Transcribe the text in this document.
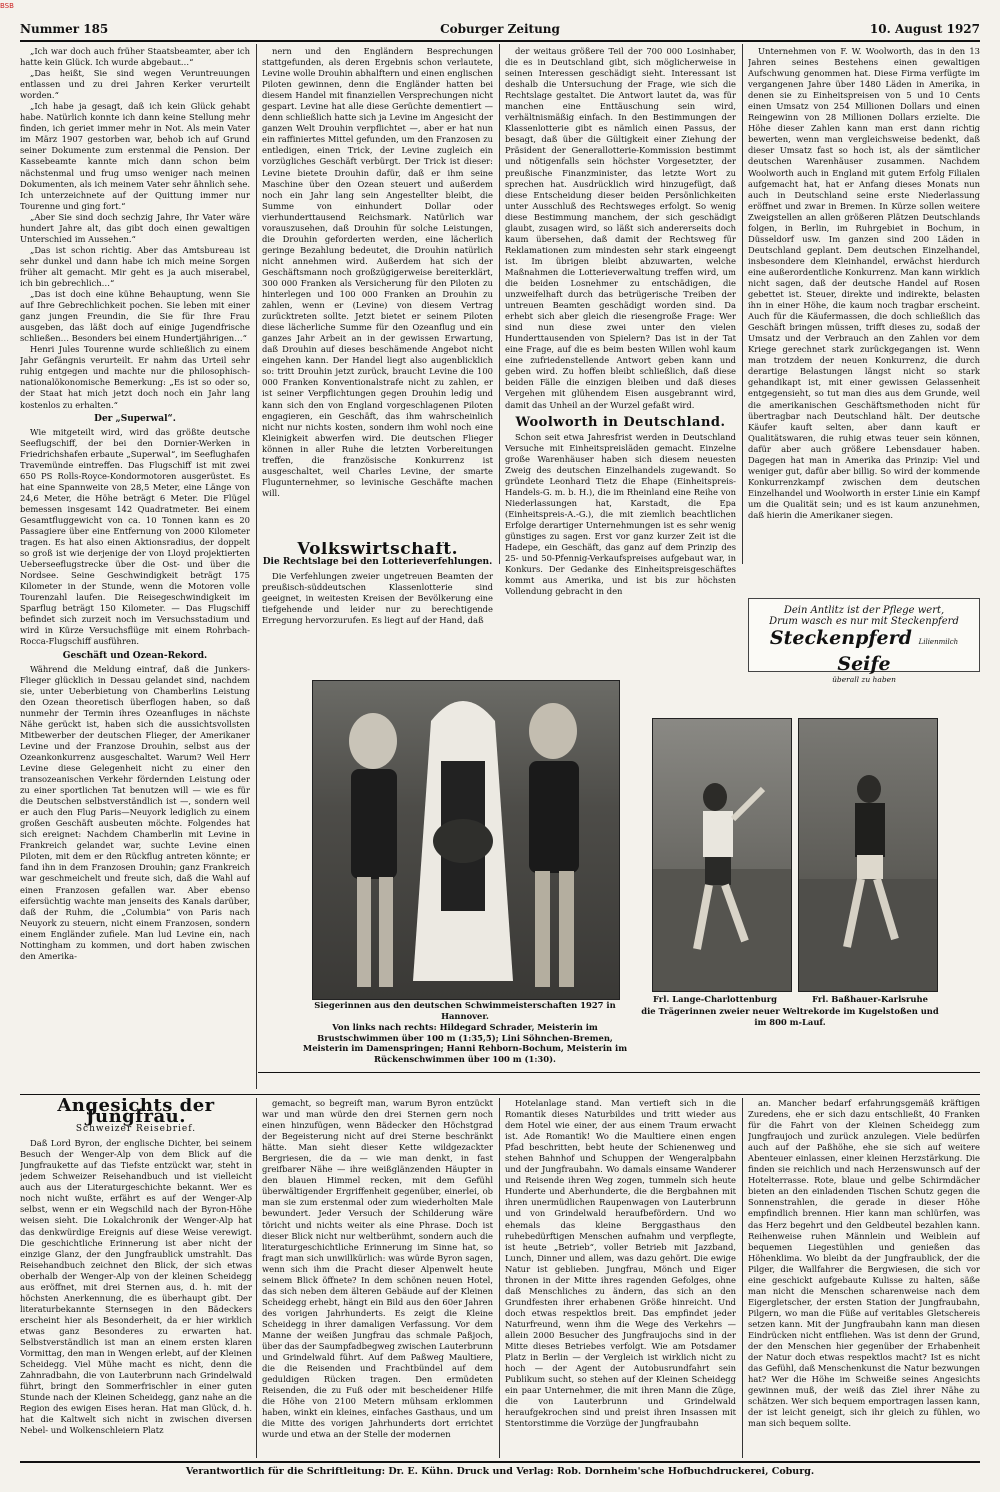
BSB
Nummer 185	Coburger Zeitung	10. August 1927

„Ich war doch auch früher Staatsbeamter, aber ich hatte kein Glück. Ich wurde abgebaut…“

„Das heißt, Sie sind wegen Veruntreuungen entlassen und zu drei Jahren Kerker verurteilt worden.“

„Ich habe ja gesagt, daß ich kein Glück gehabt habe. Natürlich konnte ich dann keine Stellung mehr finden, ich geriet immer mehr in Not. Als mein Vater im März 1907 gestorben war, behob ich auf Grund seiner Dokumente zum erstenmal die Pension. Der Kassebeamte kannte mich dann schon beim nächstenmal und frug umso weniger nach meinen Dokumenten, als ich meinem Vater sehr ähnlich sehe. Ich unterzeichnete auf der Quittung immer nur Tourenne und ging fort.“

„Aber Sie sind doch sechzig Jahre, Ihr Vater wäre hundert Jahre alt, das gibt doch einen gewaltigen Unterschied im Aussehen.“

„Das ist schon richtig. Aber das Amtsbureau ist sehr dunkel und dann habe ich mich meine Sorgen früher alt gemacht. Mir geht es ja auch miserabel, ich bin gebrechlich…“

„Das ist doch eine kühne Behauptung, wenn Sie auf Ihre Gebrechlichkeit pochen. Sie leben mit einer ganz jungen Freundin, die Sie für Ihre Frau ausgeben, das läßt doch auf einige Jugendfrische schließen… Besonders bei einem Hundertjährigen…“

Henri Jules Tourenne wurde schließlich zu einem Jahr Gefängnis verurteilt. Er nahm das Urteil sehr ruhig entgegen und machte nur die philosophisch-nationalökonomische Bemerkung: „Es ist so oder so, der Staat hat mich jetzt doch noch ein Jahr lang kostenlos zu erhalten.“

Der „Superwal“.

Wie mitgeteilt wird, wird das größte deutsche Seeflugschiff, der bei den Dornier-Werken in Friedrichshafen erbaute „Superwal“, im Seeflughafen Travemünde eintreffen. Das Flugschiff ist mit zwei 650 PS Rolls-Royce-Kondormotoren ausgerüstet. Es hat eine Spannweite von 28,5 Meter, eine Länge von 24,6 Meter, die Höhe beträgt 6 Meter. Die Flügel bemessen insgesamt 142 Quadratmeter. Bei einem Gesamtfluggewicht von ca. 10 Tonnen kann es 20 Passagiere über eine Entfernung von 2000 Kilometer tragen. Es hat also einen Aktionsradius, der doppelt so groß ist wie derjenige der von Lloyd projektierten Ueberseeflugstrecke über die Ost- und über die Nordsee. Seine Geschwindigkeit beträgt 175 Kilometer in der Stunde, wenn die Motoren volle Tourenzahl laufen. Die Reisegeschwindigkeit im Sparflug beträgt 150 Kilometer. — Das Flugschiff befindet sich zurzeit noch im Versuchsstadium und wird in Kürze Versuchsflüge mit einem Rohrbach-Rocca-Flugschiff ausführen.

Geschäft und Ozean-Rekord.

Während die Meldung eintraf, daß die Junkers-Flieger glücklich in Dessau gelandet sind, nachdem sie, unter Ueberbietung von Chamberlins Leistung den Ozean theoretisch überflogen haben, so daß nunmehr der Termin ihres Ozeanfluges in nächste Nähe gerückt ist, haben sich die aussichtsvollsten Mitbewerber der deutschen Flieger, der Amerikaner Levine und der Franzose Drouhin, selbst aus der Ozeankonkurrenz ausgeschaltet. Warum? Weil Herr Levine diese Gelegenheit nicht zu einer den transozeanischen Verkehr fördernden Leistung oder zu einer sportlichen Tat benutzen will — wie es für die Deutschen selbstverständlich ist —, sondern weil er auch den Flug Paris—Neuyork lediglich zu einem großen Geschäft ausbeuten möchte. Folgendes hat sich ereignet: Nachdem Chamberlin mit Levine in Frankreich gelandet war, suchte Levine einen Piloten, mit dem er den Rückflug antreten könnte; er fand ihn in dem Franzosen Drouhin; ganz Frankreich war geschmeichelt und freute sich, daß die Wahl auf einen Franzosen gefallen war. Aber ebenso eifersüchtig wachte man jenseits des Kanals darüber, daß der Ruhm, die „Columbia“ von Paris nach Neuyork zu steuern, nicht einem Franzosen, sondern einem Engländer zufiele. Man lud Levine ein, nach Nottingham zu kommen, und dort haben zwischen den Amerika-

nern und den Engländern Besprechungen stattgefunden, als deren Ergebnis schon verlautete, Levine wolle Drouhin abhalftern und einen englischen Piloten gewinnen, denn die Engländer hatten bei diesem Handel mit finanziellen Versprechungen nicht gespart. Levine hat alle diese Gerüchte dementiert — denn schließlich hatte sich ja Levine im Angesicht der ganzen Welt Drouhin verpflichtet —, aber er hat nun ein raffiniertes Mittel gefunden, um den Franzosen zu entledigen, einen Trick, der Levine zugleich ein vorzügliches Geschäft verbürgt. Der Trick ist dieser: Levine bietete Drouhin dafür, daß er ihm seine Maschine über den Ozean steuert und außerdem noch ein Jahr lang sein Angestellter bleibt, die Summe von einhundert Dollar oder vierhunderttausend Reichsmark. Natürlich war vorauszusehen, daß Drouhin für solche Leistungen, die Drouhin geforderten werden, eine lächerlich geringe Bezahlung bedeutet, die Drouhin natürlich nicht annehmen wird. Außerdem hat sich der Geschäftsmann noch großzügigerweise bereiterklärt, 300 000 Franken als Versicherung für den Piloten zu hinterlegen und 100 000 Franken an Drouhin zu zahlen, wenn er (Levine) von diesem Vertrag zurücktreten sollte. Jetzt bietet er seinem Piloten diese lächerliche Summe für den Ozeanflug und ein ganzes Jahr Arbeit an in der gewissen Erwartung, daß Drouhin auf dieses beschämende Angebot nicht eingehen kann. Der Handel liegt also augenblicklich so: tritt Drouhin jetzt zurück, braucht Levine die 100 000 Franken Konventionalstrafe nicht zu zahlen, er ist seiner Verpflichtungen gegen Drouhin ledig und kann sich den von England vorgeschlagenen Piloten engagieren, ein Geschäft, das ihm wahrscheinlich nicht nur nichts kosten, sondern ihm wohl noch eine Kleinigkeit abwerfen wird. Die deutschen Flieger können in aller Ruhe die letzten Vorbereitungen treffen, die französische Konkurrenz ist ausgeschaltet, weil Charles Levine, der smarte Flugunternehmer, so levinische Geschäfte machen will.

Volkswirtschaft.
Die Rechtslage bei den Lotterieverfehlungen.

Die Verfehlungen zweier ungetreuen Beamten der preußisch-süddeutschen Klassenlotterie sind geeignet, in weitesten Kreisen der Bevölkerung eine tiefgehende und leider nur zu berechtigende Erregung hervorzurufen. Es liegt auf der Hand, daß

der weitaus größere Teil der 700 000 Losinhaber, die es in Deutschland gibt, sich möglicherweise in seinen Interessen geschädigt sieht. Interessant ist deshalb die Untersuchung der Frage, wie sich die Rechtslage gestaltet. Die Antwort lautet da, was für manchen eine Enttäuschung sein wird, verhältnismäßig einfach. In den Bestimmungen der Klassenlotterie gibt es nämlich einen Passus, der besagt, daß über die Gültigkeit einer Ziehung der Präsident der Generallotterie-Kommission bestimmt und nötigenfalls sein höchster Vorgesetzter, der preußische Finanzminister, das letzte Wort zu sprechen hat. Ausdrücklich wird hinzugefügt, daß diese Entscheidung dieser beiden Persönlichkeiten unter Ausschluß des Rechtsweges erfolgt. So wenig diese Bestimmung manchem, der sich geschädigt glaubt, zusagen wird, so läßt sich andererseits doch kaum übersehen, daß damit der Rechtsweg für Reklamationen zum mindesten sehr stark eingeengt ist. Im übrigen bleibt abzuwarten, welche Maßnahmen die Lotterieverwaltung treffen wird, um die beiden Losnehmer zu entschädigen, die unzweifelhaft durch das betrügerische Treiben der untreuen Beamten geschädigt worden sind. Da erhebt sich aber gleich die riesengroße Frage: Wer sind nun diese zwei unter den vielen Hunderttausenden von Spielern? Das ist in der Tat eine Frage, auf die es beim besten Willen wohl kaum eine zufriedenstellende Antwort geben kann und geben wird. Zu hoffen bleibt schließlich, daß diese beiden Fälle die einzigen bleiben und daß dieses Vergehen mit glühendem Eisen ausgebrannt wird, damit das Unheil an der Wurzel gefaßt wird.

Woolworth in Deutschland.

Schon seit etwa Jahresfrist werden in Deutschland Versuche mit Einheitspreisläden gemacht. Einzelne große Warenhäuser haben sich diesem neuesten Zweig des deutschen Einzelhandels zugewandt. So gründete Leonhard Tietz die Ehape (Einheitspreis-Handels-G. m. b. H.), die im Rheinland eine Reihe von Niederlassungen hat, Karstadt, die Epa (Einheitspreis-A.-G.), die mit ziemlich beachtlichen Erfolge derartiger Unternehmungen ist es sehr wenig günstiges zu sagen. Erst vor ganz kurzer Zeit ist die Hadepe, ein Geschäft, das ganz auf dem Prinzip des 25- und 50-Pfennig-Verkaufspreises aufgebaut war, in Konkurs. Der Gedanke des Einheitspreisgeschäftes kommt aus Amerika, und ist bis zur höchsten Vollendung gebracht in den

Unternehmen von F. W. Woolworth, das in den 13 Jahren seines Bestehens einen gewaltigen Aufschwung genommen hat. Diese Firma verfügte im vergangenen Jahre über 1480 Läden in Amerika, in denen sie zu Einheitspreisen von 5 und 10 Cents einen Umsatz von 254 Millionen Dollars und einen Reingewinn von 28 Millionen Dollars erzielte. Die Höhe dieser Zahlen kann man erst dann richtig bewerten, wenn man vergleichsweise bedenkt, daß dieser Umsatz fast so hoch ist, als der sämtlicher deutschen Warenhäuser zusammen. Nachdem Woolworth auch in England mit gutem Erfolg Filialen aufgemacht hat, hat er Anfang dieses Monats nun auch in Deutschland seine erste Niederlassung eröffnet und zwar in Bremen. In Kürze sollen weitere Zweigstellen an allen größeren Plätzen Deutschlands folgen, in Berlin, im Ruhrgebiet in Bochum, in Düsseldorf usw. Im ganzen sind 200 Läden in Deutschland geplant. Dem deutschen Einzelhandel, insbesondere dem Kleinhandel, erwächst hierdurch eine außerordentliche Konkurrenz. Man kann wirklich nicht sagen, daß der deutsche Handel auf Rosen gebettet ist. Steuer, direkte und indirekte, belasten ihn in einer Höhe, die kaum noch tragbar erscheint. Auch für die Käufermassen, die doch schließlich das Geschäft bringen müssen, trifft dieses zu, sodaß der Umsatz und der Verbrauch an den Zahlen vor dem Kriege gerechnet stark zurückgegangen ist. Wenn man trotzdem der neuen Konkurrenz, die durch derartige Belastungen längst nicht so stark gehandikapt ist, mit einer gewissen Gelassenheit entgegensieht, so tut man dies aus dem Grunde, weil die amerikanischen Geschäftsmethoden nicht für übertragbar nach Deutschland hält. Der deutsche Käufer kauft selten, aber dann kauft er Qualitätswaren, die ruhig etwas teuer sein können, dafür aber auch größere Lebensdauer haben. Dagegen hat man in Amerika das Prinzip: Viel und weniger gut, dafür aber billig. So wird der kommende Konkurrenzkampf zwischen dem deutschen Einzelhandel und Woolworth in erster Linie ein Kampf um die Qualität sein; und es ist kaum anzunehmen, daß hierin die Amerikaner siegen.

Dein Antlitz ist der Pflege wert,
Drum wasch es nur mit Steckenpferd
Steckenpferd Lilienmilch Seife
überall zu haben
Siegerinnen aus den deutschen Schwimmeisterschaften 1927 in Hannover.
Von links nach rechts: Hildegard Schrader, Meisterin im Brustschwimmen über 100 m (1:35,5); Lini Söhnchen-Bremen, Meisterin im Damenspringen; Hanni Rehborn-Bochum, Meisterin im Rückenschwimmen über 100 m (1:30).
Frl. Lange-Charlottenburg	Frl. Baßhauer-Karlsruhe
die Trägerinnen zweier neuer Weltrekorde im Kugelstoßen und im 800 m-Lauf.
Angesichts der Jungfrau.
Schweizer Reisebrief.

Daß Lord Byron, der englische Dichter, bei seinem Besuch der Wenger-Alp von dem Blick auf die Jungfraukette auf das Tiefste entzückt war, steht in jedem Schweizer Reisehandbuch und ist vielleicht auch aus der Literaturgeschichte bekannt. Wer es noch nicht wußte, erfährt es auf der Wenger-Alp selbst, wenn er ein Wegschild nach der Byron-Höhe weisen sieht. Die Lokalchronik der Wenger-Alp hat das denkwürdige Ereignis auf diese Weise verewigt. Die geschichtliche Erinnerung ist aber nicht der einzige Glanz, der den Jungfraublick umstrahlt. Das Reisehandbuch zeichnet den Blick, der sich etwas oberhalb der Wenger-Alp von der kleinen Scheidegg aus eröffnet, mit drei Sternen aus, d. h. mit der höchsten Anerkennung, die es überhaupt gibt. Der literaturbekannte Sternsegen in den Bädeckers erscheint hier als Besonderheit, da er hier wirklich etwas ganz Besonderes zu erwarten hat. Selbstverständlich ist man an einem ersten klaren Vormittag, den man in Wengen erlebt, auf der Kleinen Scheidegg. Viel Mühe macht es nicht, denn die Zahnradbahn, die von Lauterbrunn nach Grindelwald führt, bringt den Sommerfrischler in einer guten Stunde nach der Kleinen Scheidegg, ganz nahe an die Region des ewigen Eises heran. Hat man Glück, d. h. hat die Kaltwelt sich nicht in zwischen diversen Nebel- und Wolkenschleiern Platz

gemacht, so begreift man, warum Byron entzückt war und man würde den drei Sternen gern noch einen hinzufügen, wenn Bädecker den Höchstgrad der Begeisterung nicht auf drei Sterne beschränkt hätte. Man sieht dieser Kette wildgezackter Bergriesen, die da — wie man denkt, in fast greifbarer Nähe — ihre weißglänzenden Häupter in den blauen Himmel recken, mit dem Gefühl überwältigender Ergriffenheit gegenüber, einerlei, ob man sie zum erstenmal oder zum wiederholten Male bewundert. Jeder Versuch der Schilderung wäre töricht und nichts weiter als eine Phrase. Doch ist dieser Blick nicht nur weltberühmt, sondern auch die literaturgeschichtliche Erinnerung im Sinne hat, so fragt man sich unwillkürlich: was würde Byron sagen, wenn sich ihm die Pracht dieser Alpenwelt heute seinem Blick öffnete? In dem schönen neuen Hotel, das sich neben dem älteren Gebäude auf der Kleinen Scheidegg erhebt, hängt ein Bild aus den 60er Jahren des vorigen Jahrhunderts. Es zeigt die Kleine Scheidegg in ihrer damaligen Verfassung. Vor dem Manne der weißen Jungfrau das schmale Paßjoch, über das der Saumpfadbegweg zwischen Lauterbrunn und Grindelwald führt. Auf dem Paßweg Maultiere, die die Reisenden und Frachtbündel auf dem geduldigen Rücken tragen. Den ermüdeten Reisenden, die zu Fuß oder mit bescheidener Hilfe die Höhe von 2100 Metern mühsam erklommen haben, winkt ein kleines, einfaches Gasthaus, und um die Mitte des vorigen Jahrhunderts dort errichtet wurde und etwa an der Stelle der modernen

Hotelanlage stand. Man vertieft sich in die Romantik dieses Naturbildes und tritt wieder aus dem Hotel wie einer, der aus einem Traum erwacht ist. Ade Romantik! Wo die Maultiere einen engen Pfad beschritten, bebt heute der Schienenweg und stehen Bahnhof und Schuppen der Wengeralpbahn und der Jungfraubahn. Wo damals einsame Wanderer und Reisende ihren Weg zogen, tummeln sich heute Hunderte und Aberhunderte, die die Bergbahnen mit ihren unermüdlichen Raupenwagen von Lauterbrunn und von Grindelwald heraufbefördern. Und wo ehemals das kleine Berggasthaus den ruhebedürftigen Menschen aufnahm und verpflegte, ist heute „Betrieb“, voller Betrieb mit Jazzband, Lunch, Dinner und allem, was dazu gehört. Die ewige Natur ist geblieben. Jungfrau, Mönch und Eiger thronen in der Mitte ihres ragenden Gefolges, ohne daß Menschliches zu ändern, das sich an den Grundfesten ihrer erhabenen Größe hinreicht. Und doch etwas respektlos breit. Das empfindet jeder Naturfreund, wenn ihm die Wege des Verkehrs — allein 2000 Besucher des Jungfraujochs sind in der Mitte dieses Betriebes verfolgt. Wie am Potsdamer Platz in Berlin — der Vergleich ist wirklich nicht zu hoch — der Agent der Autobusrundfahrt sein Publikum sucht, so stehen auf der Kleinen Scheidegg ein paar Unternehmer, die mit ihren Mann die Züge, die von Lauterbrunn und Grindelwald heraufgekrochen sind und preist ihren Insassen mit Stentorstimme die Vorzüge der Jungfraubahn

an. Mancher bedarf erfahrungsgemäß kräftigen Zuredens, ehe er sich dazu entschließt, 40 Franken für die Fahrt von der Kleinen Scheidegg zum Jungfraujoch und zurück anzulegen. Viele bedürfen auch auf der Paßhöhe, ehe sie sich auf weitere Abenteuer einlassen, einer kleinen Herzstärkung. Die finden sie reichlich und nach Herzenswunsch auf der Hotelterrasse. Rote, blaue und gelbe Schirmdächer bieten an den einladenden Tischen Schutz gegen die Sonnenstrahlen, die gerade in dieser Höhe empfindlich brennen. Hier kann man schlürfen, was das Herz begehrt und den Geldbeutel bezahlen kann. Reihenweise ruhen Männlein und Weiblein auf bequemen Liegestühlen und genießen das Höhenklima. Wo bleibt da der Jungfraublick, der die Pilger, die Wallfahrer die Bergwiesen, die sich vor eine geschickt aufgebaute Kulisse zu halten, säße man nicht die Menschen scharenweise nach dem Eigergletscher, der ersten Station der Jungfraubahn, Pilgern, wo man die Füße auf veritables Gletschereis setzen kann. Mit der Jungfraubahn kann man diesen Eindrücken nicht entfliehen. Was ist denn der Grund, der den Menschen hier gegenüber der Erhabenheit der Natur doch etwas respektlos macht? Ist es nicht das Gefühl, daß Menschenkunst die Natur bezwungen hat? Wer die Höhe im Schweiße seines Angesichts gewinnen muß, der weiß das Ziel ihrer Nähe zu schätzen. Wer sich bequem emportragen lassen kann, der ist leicht geneigt, sich ihr gleich zu fühlen, wo man sich bequem sollte.

Verantwortlich für die Schriftleitung: Dr. E. Kühn. Druck und Verlag: Rob. Dornheim'sche Hofbuchdruckerei, Coburg.
